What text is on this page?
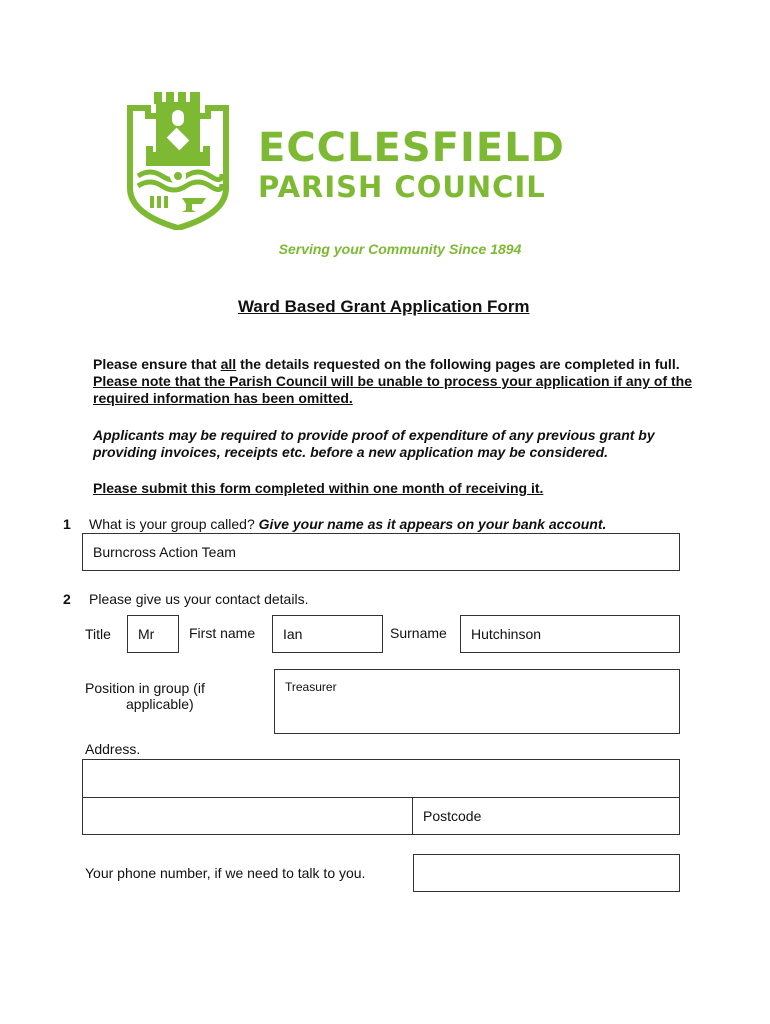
ECCLESFIELD
PARISH COUNCIL
Serving your Community Since 1894
Ward Based Grant Application Form
Please ensure that all the details requested on the following pages are completed in full. Please note that the Parish Council will be unable to process your application if any of the required information has been omitted.
Applicants may be required to provide proof of expenditure of any previous grant by providing invoices, receipts etc. before a new application may be considered.
Please submit this form completed within one month of receiving it.
1 What is your group called? Give your name as it appears on your bank account.
Burncross Action Team
2 Please give us your contact details.
Title Mr First name Ian	Surname Hutchinson
Position in group (if
applicable)
Treasurer
Address.
Postcode
Your phone number, if we need to talk to you.
